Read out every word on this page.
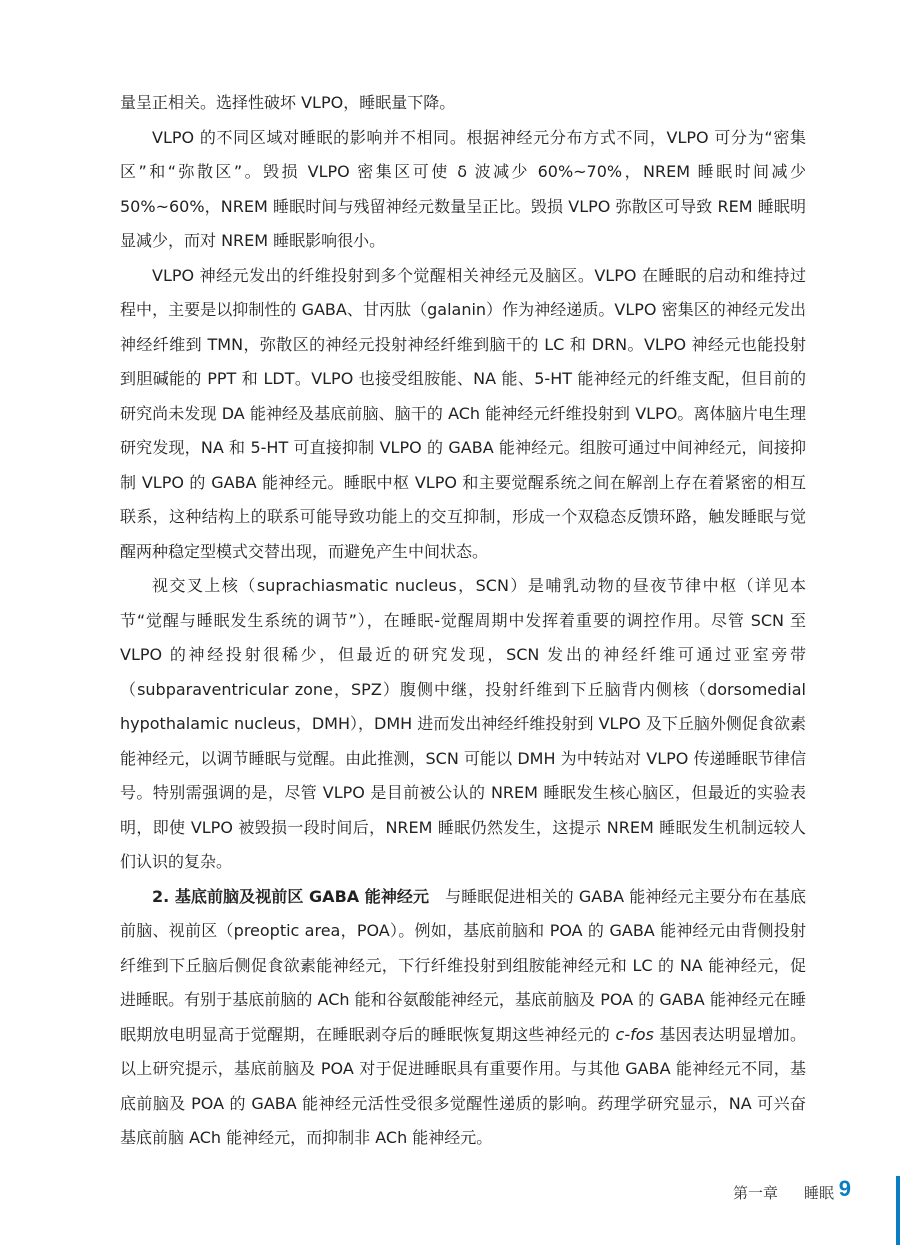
量呈正相关。选择性破坏 VLPO，睡眠量下降。

VLPO 的不同区域对睡眠的影响并不相同。根据神经元分布方式不同，VLPO 可分为“密集区”和“弥散区”。毁损 VLPO 密集区可使 δ 波减少 60%~70%，NREM 睡眠时间减少 50%~60%，NREM 睡眠时间与残留神经元数量呈正比。毁损 VLPO 弥散区可导致 REM 睡眠明显减少，而对 NREM 睡眠影响很小。

VLPO 神经元发出的纤维投射到多个觉醒相关神经元及脑区。VLPO 在睡眠的启动和维持过程中，主要是以抑制性的 GABA、甘丙肽（galanin）作为神经递质。VLPO 密集区的神经元发出神经纤维到 TMN，弥散区的神经元投射神经纤维到脑干的 LC 和 DRN。VLPO 神经元也能投射到胆碱能的 PPT 和 LDT。VLPO 也接受组胺能、NA 能、5-HT 能神经元的纤维支配，但目前的研究尚未发现 DA 能神经及基底前脑、脑干的 ACh 能神经元纤维投射到 VLPO。离体脑片电生理研究发现，NA 和 5-HT 可直接抑制 VLPO 的 GABA 能神经元。组胺可通过中间神经元，间接抑制 VLPO 的 GABA 能神经元。睡眠中枢 VLPO 和主要觉醒系统之间在解剖上存在着紧密的相互联系，这种结构上的联系可能导致功能上的交互抑制，形成一个双稳态反馈环路，触发睡眠与觉醒两种稳定型模式交替出现，而避免产生中间状态。

视交叉上核（suprachiasmatic nucleus，SCN）是哺乳动物的昼夜节律中枢（详见本节“觉醒与睡眠发生系统的调节”），在睡眠-觉醒周期中发挥着重要的调控作用。尽管 SCN 至 VLPO 的神经投射很稀少，但最近的研究发现，SCN 发出的神经纤维可通过亚室旁带（subparaventricular zone，SPZ）腹侧中继，投射纤维到下丘脑背内侧核（dorsomedial hypothalamic nucleus，DMH），DMH 进而发出神经纤维投射到 VLPO 及下丘脑外侧促食欲素能神经元，以调节睡眠与觉醒。由此推测，SCN 可能以 DMH 为中转站对 VLPO 传递睡眠节律信号。特别需强调的是，尽管 VLPO 是目前被公认的 NREM 睡眠发生核心脑区，但最近的实验表明，即使 VLPO 被毁损一段时间后，NREM 睡眠仍然发生，这提示 NREM 睡眠发生机制远较人们认识的复杂。

2. 基底前脑及视前区 GABA 能神经元  与睡眠促进相关的 GABA 能神经元主要分布在基底前脑、视前区（preoptic area，POA）。例如，基底前脑和 POA 的 GABA 能神经元由背侧投射纤维到下丘脑后侧促食欲素能神经元，下行纤维投射到组胺能神经元和 LC 的 NA 能神经元，促进睡眠。有别于基底前脑的 ACh 能和谷氨酸能神经元，基底前脑及 POA 的 GABA 能神经元在睡眠期放电明显高于觉醒期，在睡眠剥夺后的睡眠恢复期这些神经元的 c-fos 基因表达明显增加。以上研究提示，基底前脑及 POA 对于促进睡眠具有重要作用。与其他 GABA 能神经元不同，基底前脑及 POA 的 GABA 能神经元活性受很多觉醒性递质的影响。药理学研究显示，NA 可兴奋基底前脑 ACh 能神经元，而抑制非 ACh 能神经元。

第一章 睡眠 9
